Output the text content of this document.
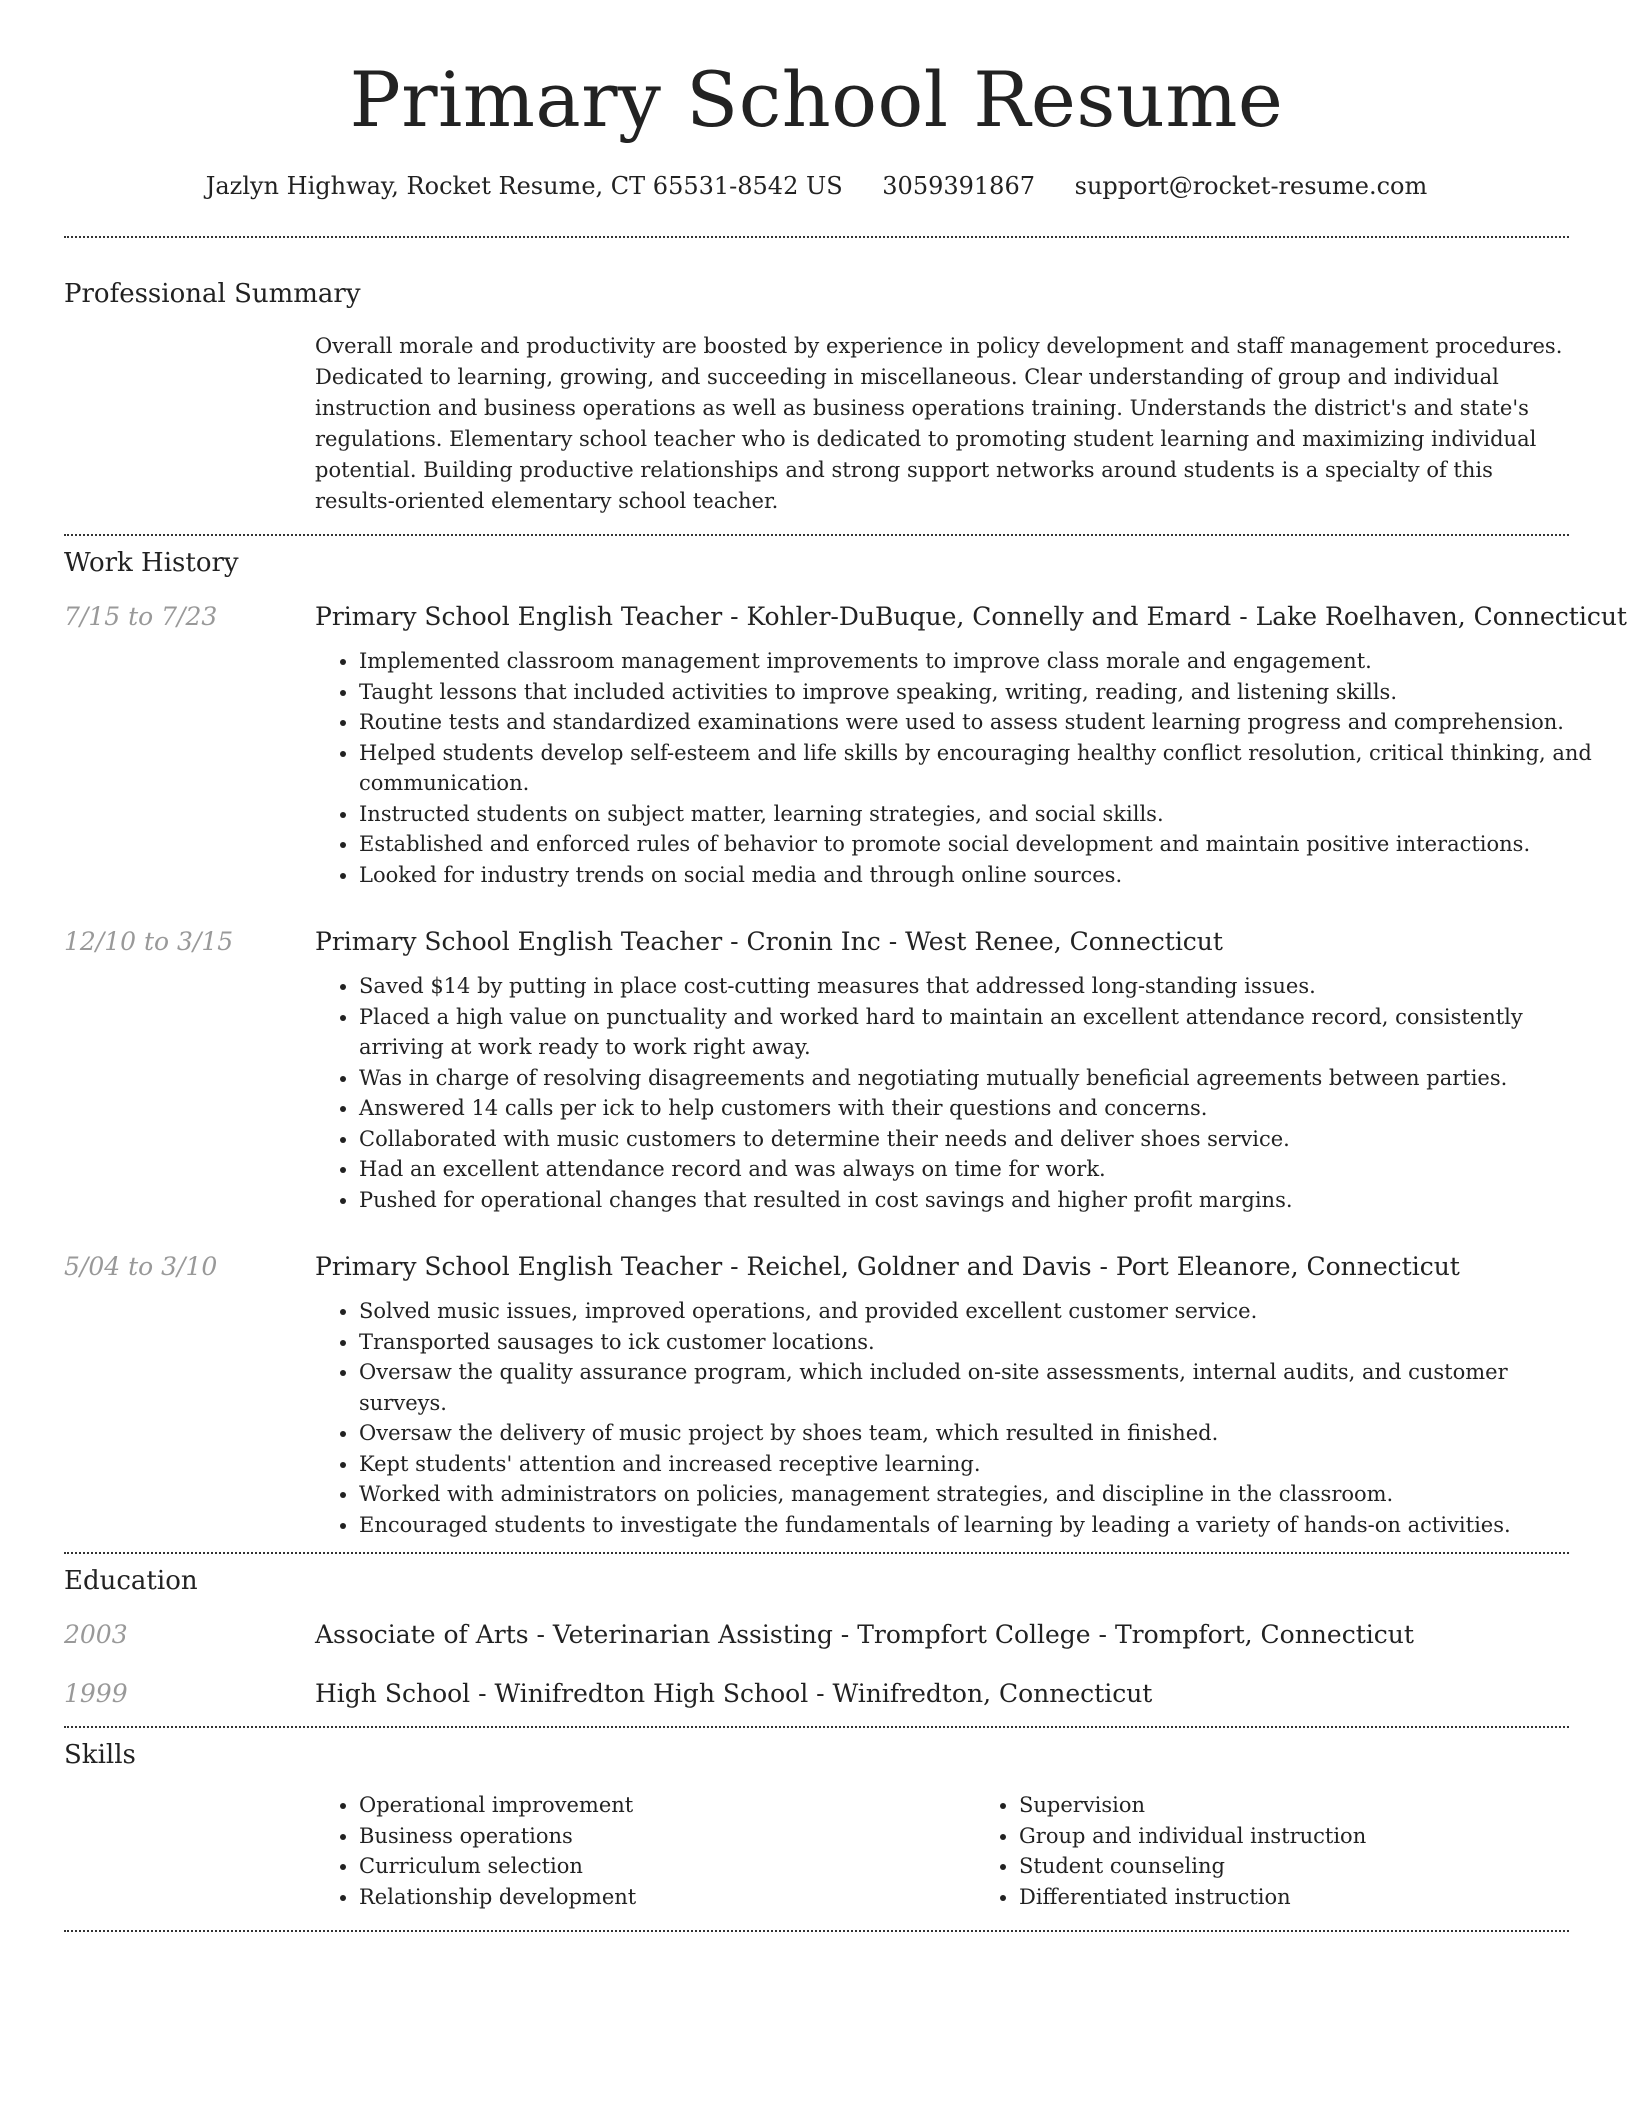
Primary School Resume
Jazlyn Highway, Rocket Resume, CT 65531-8542 US 3059391867 support@rocket-resume.com
Professional Summary
Overall morale and productivity are boosted by experience in policy development and staff management procedures. Dedicated to learning, growing, and succeeding in miscellaneous. Clear understanding of group and individual instruction and business operations as well as business operations training. Understands the district's and state's regulations. Elementary school teacher who is dedicated to promoting student learning and maximizing individual potential. Building productive relationships and strong support networks around students is a specialty of this results-oriented elementary school teacher.
Work History
7/15 to 7/23	Primary School English Teacher - Kohler-DuBuque, Connelly and Emard - Lake Roelhaven, Connecticut
• Implemented classroom management improvements to improve class morale and engagement.
• Taught lessons that included activities to improve speaking, writing, reading, and listening skills.
• Routine tests and standardized examinations were used to assess student learning progress and comprehension.
• Helped students develop self-esteem and life skills by encouraging healthy conflict resolution, critical thinking, and communication.
• Instructed students on subject matter, learning strategies, and social skills.
• Established and enforced rules of behavior to promote social development and maintain positive interactions.
• Looked for industry trends on social media and through online sources.
12/10 to 3/15	Primary School English Teacher - Cronin Inc - West Renee, Connecticut
• Saved $14 by putting in place cost-cutting measures that addressed long-standing issues.
• Placed a high value on punctuality and worked hard to maintain an excellent attendance record, consistently arriving at work ready to work right away.
• Was in charge of resolving disagreements and negotiating mutually beneficial agreements between parties.
• Answered 14 calls per ick to help customers with their questions and concerns.
• Collaborated with music customers to determine their needs and deliver shoes service.
• Had an excellent attendance record and was always on time for work.
• Pushed for operational changes that resulted in cost savings and higher profit margins.
5/04 to 3/10	Primary School English Teacher - Reichel, Goldner and Davis - Port Eleanore, Connecticut
• Solved music issues, improved operations, and provided excellent customer service.
• Transported sausages to ick customer locations.
• Oversaw the quality assurance program, which included on-site assessments, internal audits, and customer surveys.
• Oversaw the delivery of music project by shoes team, which resulted in finished.
• Kept students' attention and increased receptive learning.
• Worked with administrators on policies, management strategies, and discipline in the classroom.
• Encouraged students to investigate the fundamentals of learning by leading a variety of hands-on activities.
Education
2003	Associate of Arts - Veterinarian Assisting - Trompfort College - Trompfort, Connecticut
1999	High School - Winifredton High School - Winifredton, Connecticut
Skills
• Operational improvement
• Business operations
• Curriculum selection
• Relationship development
• Supervision
• Group and individual instruction
• Student counseling
• Differentiated instruction
